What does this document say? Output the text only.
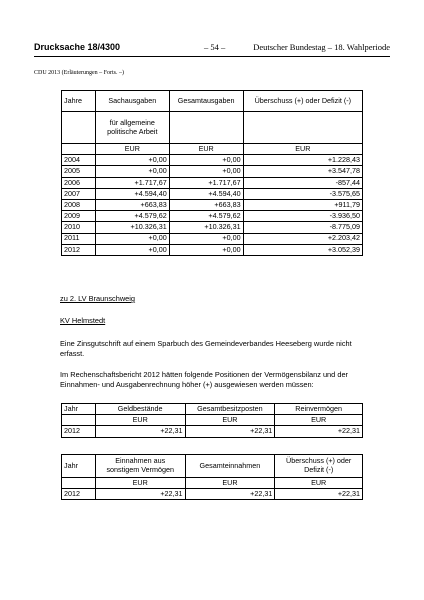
Drucksache 18/4300	– 54 –	Deutscher Bundestag – 18. Wahlperiode
CDU 2013 (Erläuterungen – Forts. –)
Jahre	Sachausgaben	Gesamtausgaben	Überschuss (+) oder Defizit (-)
	für allgemeine politische Arbeit		
	EUR	EUR	EUR
2004	+0,00	+0,00	+1.228,43
2005	+0,00	+0,00	+3.547,78
2006	+1.717,67	+1.717,67	-857,44
2007	+4.594,40	+4.594,40	-3.575,65
2008	+663,83	+663,83	+911,79
2009	+4.579,62	+4.579,62	-3.936,50
2010	+10.326,31	+10.326,31	-8.775,09
2011	+0,00	+0,00	+2.203,42
2012	+0,00	+0,00	+3.052,39
zu 2. LV Braunschweig
KV Helmstedt
Eine Zinsgutschrift auf einem Sparbuch des Gemeindeverbandes Heeseberg wurde nicht erfasst.
Im Rechenschaftsbericht 2012 hätten folgende Positionen der Vermögensbilanz und der Einnahmen- und Ausgabenrechnung höher (+) ausgewiesen werden müssen:
Jahr	Geldbestände	Gesamtbesitzposten	Reinvermögen
	EUR	EUR	EUR
2012	+22,31	+22,31	+22,31
Jahr	Einnahmen aus sonstigem Vermögen	Gesamteinnahmen	Überschuss (+) oder Defizit (-)
	EUR	EUR	EUR
2012	+22,31	+22,31	+22,31
